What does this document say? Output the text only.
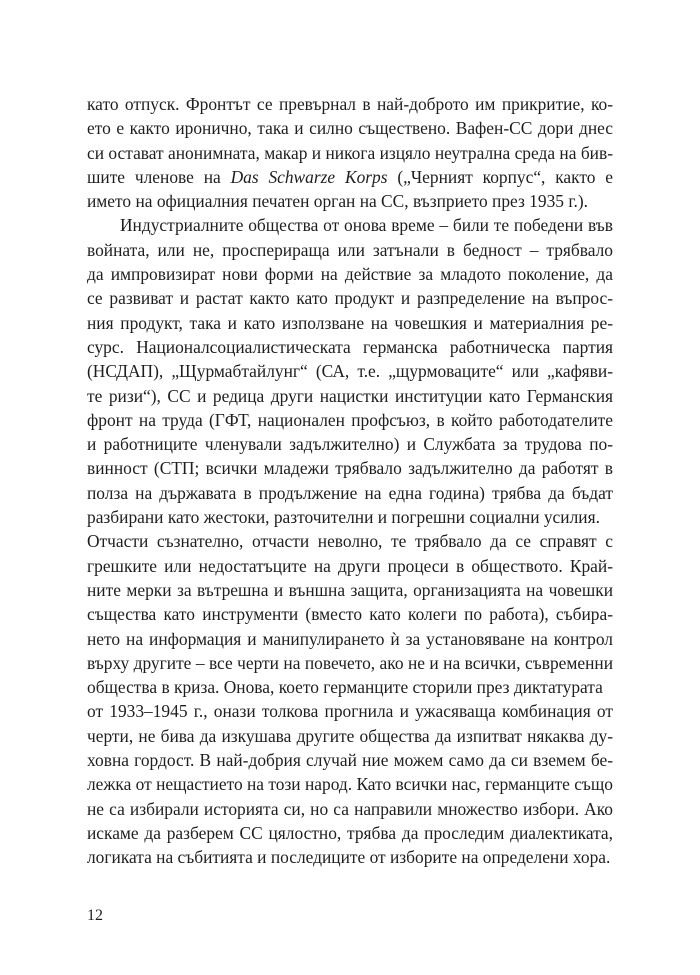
като отпуск. Фронтът се превърнал в най-доброто им прикритие, ко-
ето е както иронично, така и силно съществено. Вафен-СС дори днес
си остават анонимната, макар и никога изцяло неутрална среда на бив-
шите членове на Das Schwarze Korps („Черният корпус“, както е
името на официалния печатен орган на СС, възприето през 1935 г.).
Индустриалните общества от онова време – били те победени във
войната, или не, просперираща или затънали в бедност – трябвало
да импровизират нови форми на действие за младото поколение, да
се развиват и растат както като продукт и разпределение на въпрос-
ния продукт, така и като използване на човешкия и материалния ре-
сурс. Националсоциалистическата германска работническа партия
(НСДАП), „Щурмабтайлунг“ (СА, т.е. „щурмоваците“ или „кафяви-
те ризи“), СС и редица други нацистки институции като Германския
фронт на труда (ГФТ, национален профсъюз, в който работодателите
и работниците членували задължително) и Службата за трудова по-
винност (СТП; всички младежи трябвало задължително да работят в
полза на държавата в продължение на една година) трябва да бъдат
разбирани като жестоки, разточителни и погрешни социални усилия.
Отчасти съзнателно, отчасти неволно, те трябвало да се справят с
грешките или недостатъците на други процеси в обществото. Край-
ните мерки за вътрешна и външна защита, организацията на човешки
същества като инструменти (вместо като колеги по работа), събира-
нето на информация и манипулирането ѝ за установяване на контрол
върху другите – все черти на повечето, ако не и на всички, съвременни
общества в криза. Онова, което германците сторили през диктатурата
от 1933–1945 г., онази толкова прогнила и ужасяваща комбинация от
черти, не бива да изкушава другите общества да изпитват някаква ду-
ховна гордост. В най-добрия случай ние можем само да си вземем бе-
лежка от нещастието на този народ. Като всички нас, германците също
не са избирали историята си, но са направили множество избори. Ако
искаме да разберем СС цялостно, трябва да проследим диалектиката,
логиката на събитията и последиците от изборите на определени хора.
12
